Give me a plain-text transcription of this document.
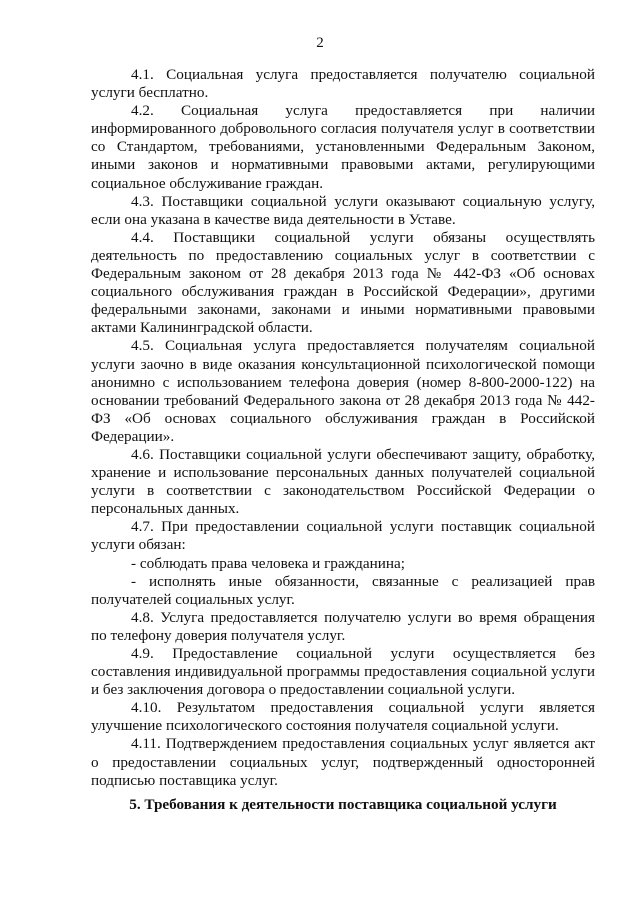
2

4.1. Социальная услуга предоставляется получателю социальной услуги бесплатно.

4.2. Социальная услуга предоставляется при наличии информированного добровольного согласия получателя услуг в соответствии со Стандартом, требованиями, установленными Федеральным Законом, иными законов и нормативными правовыми актами, регулирующими социальное обслуживание граждан.

4.3. Поставщики социальной услуги оказывают социальную услугу, если она указана в качестве вида деятельности в Уставе.

4.4. Поставщики социальной услуги обязаны осуществлять деятельность по предоставлению социальных услуг в соответствии с Федеральным законом от 28 декабря 2013 года № 442-ФЗ «Об основах социального обслуживания граждан в Российской Федерации», другими федеральными законами, законами и иными нормативными правовыми актами Калининградской области.

4.5. Социальная услуга предоставляется получателям социальной услуги заочно в виде оказания консультационной психологической помощи анонимно с использованием телефона доверия (номер 8-800-2000-122) на основании требований Федерального закона от 28 декабря 2013 года № 442-ФЗ «Об основах социального обслуживания граждан в Российской Федерации».

4.6. Поставщики социальной услуги обеспечивают защиту, обработку, хранение и использование персональных данных получателей социальной услуги в соответствии с законодательством Российской Федерации о персональных данных.

4.7. При предоставлении социальной услуги поставщик социальной услуги обязан:

- соблюдать права человека и гражданина;

- исполнять иные обязанности, связанные с реализацией прав получателей социальных услуг.

4.8. Услуга предоставляется получателю услуги во время обращения по телефону доверия получателя услуг.

4.9. Предоставление социальной услуги осуществляется без составления индивидуальной программы предоставления социальной услуги и без заключения договора о предоставлении социальной услуги.

4.10. Результатом предоставления социальной услуги является улучшение психологического состояния получателя социальной услуги.

4.11. Подтверждением предоставления социальных услуг является акт о предоставлении социальных услуг, подтвержденный односторонней подписью поставщика услуг.

5. Требования к деятельности поставщика социальной услуги
